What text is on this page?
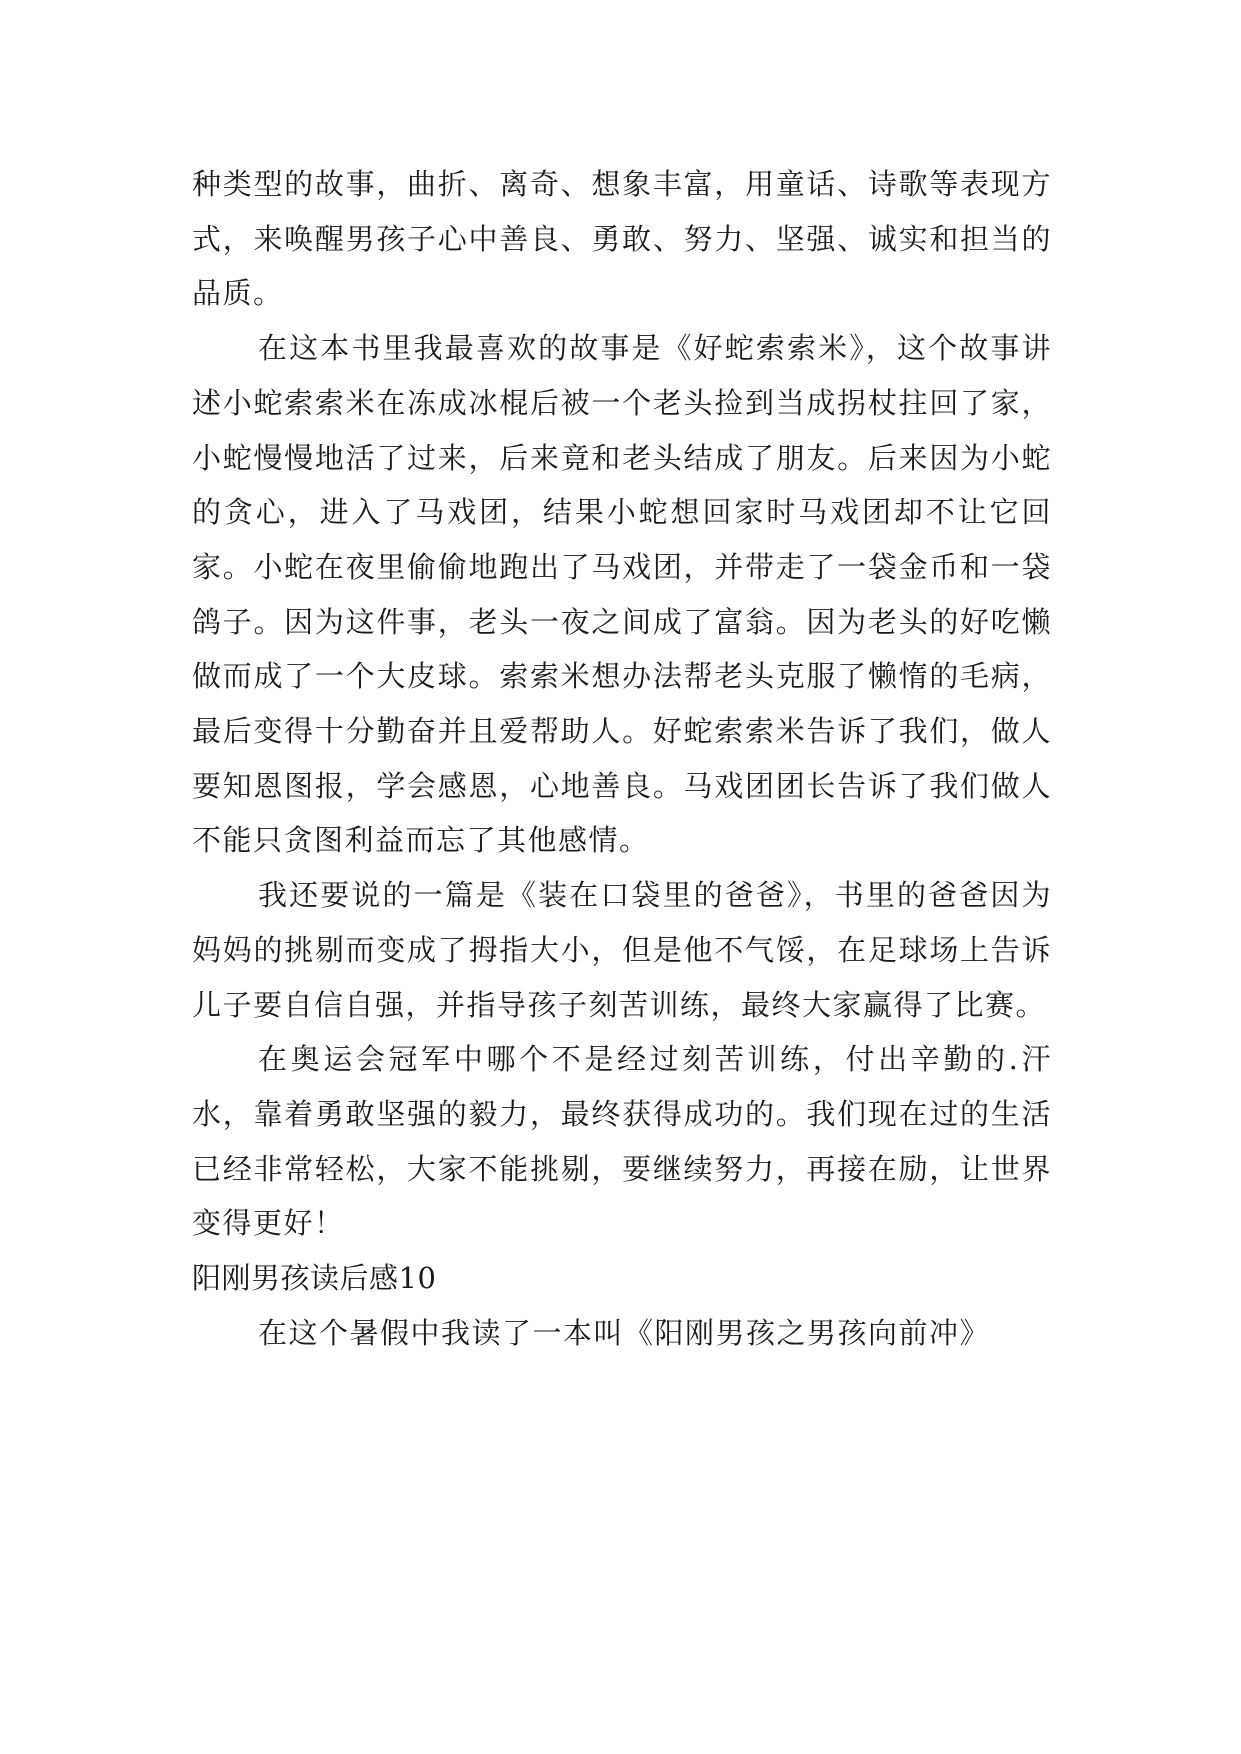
种类型的故事，曲折、离奇、想象丰富，用童话、诗歌等表现方式，来唤醒男孩子心中善良、勇敢、努力、坚强、诚实和担当的品质。

在这本书里我最喜欢的故事是《好蛇索索米》，这个故事讲述小蛇索索米在冻成冰棍后被一个老头捡到当成拐杖拄回了家，小蛇慢慢地活了过来，后来竟和老头结成了朋友。后来因为小蛇的贪心，进入了马戏团，结果小蛇想回家时马戏团却不让它回家。小蛇在夜里偷偷地跑出了马戏团，并带走了一袋金币和一袋鸽子。因为这件事，老头一夜之间成了富翁。因为老头的好吃懒做而成了一个大皮球。索索米想办法帮老头克服了懒惰的毛病，最后变得十分勤奋并且爱帮助人。好蛇索索米告诉了我们，做人要知恩图报，学会感恩，心地善良。马戏团团长告诉了我们做人不能只贪图利益而忘了其他感情。

我还要说的一篇是《装在口袋里的爸爸》，书里的爸爸因为妈妈的挑剔而变成了拇指大小，但是他不气馁，在足球场上告诉儿子要自信自强，并指导孩子刻苦训练，最终大家赢得了比赛。

在奥运会冠军中哪个不是经过刻苦训练，付出辛勤的.汗水，靠着勇敢坚强的毅力，最终获得成功的。我们现在过的生活已经非常轻松，大家不能挑剔，要继续努力，再接在励，让世界变得更好！

阳刚男孩读后感10

在这个暑假中我读了一本叫《阳刚男孩之男孩向前冲》
